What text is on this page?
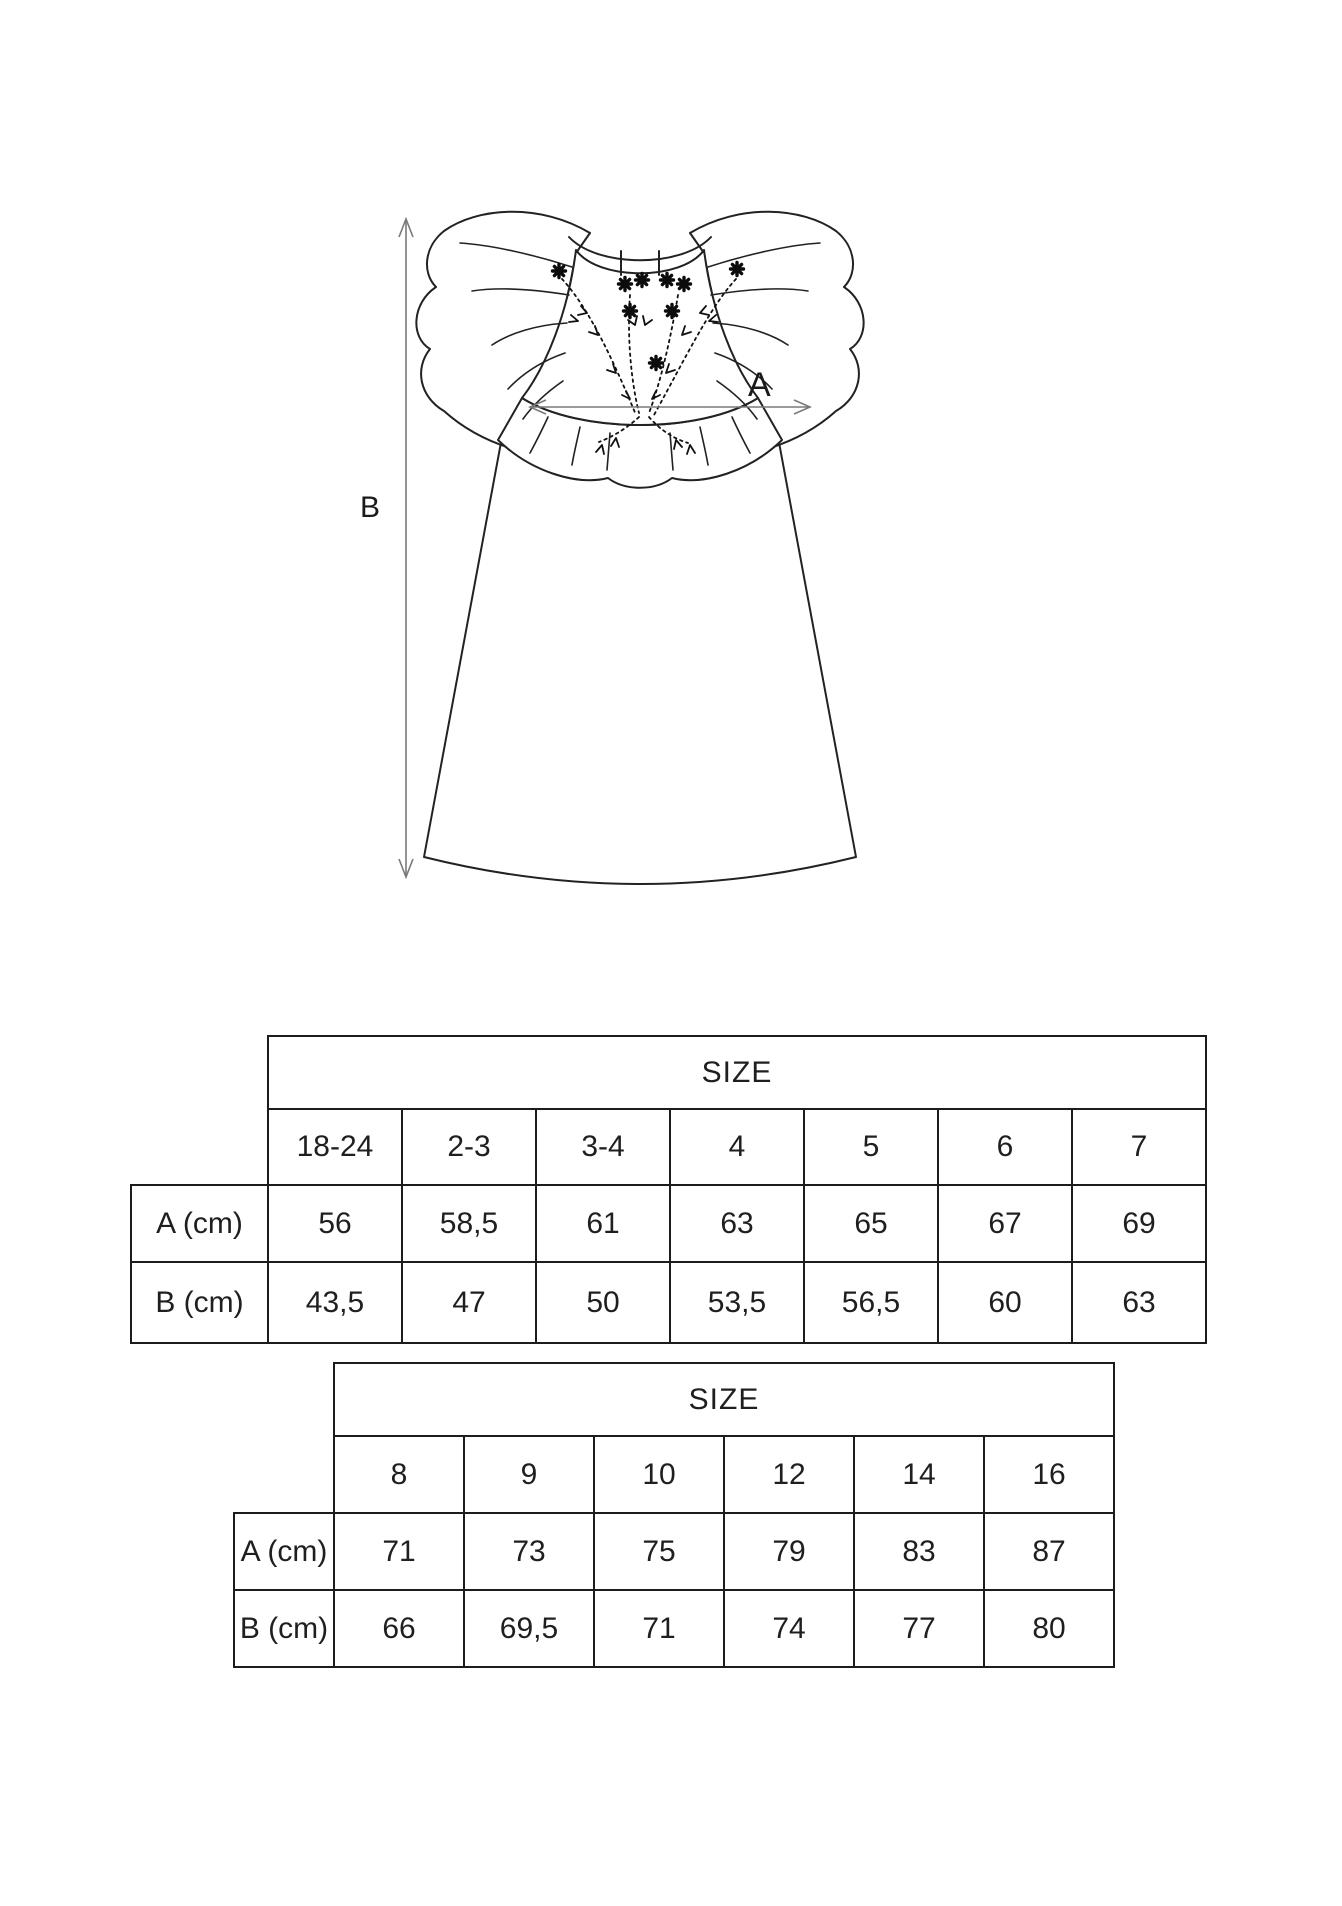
B
A
	SIZE						
	18-24	2-3	3-4	4	5	6	7
A (cm)	56	58,5	61	63	65	67	69
B (cm)	43,5	47	50	53,5	56,5	60	63
	SIZE					
	8	9	10	12	14	16
A (cm)	71	73	75	79	83	87
B (cm)	66	69,5	71	74	77	80
